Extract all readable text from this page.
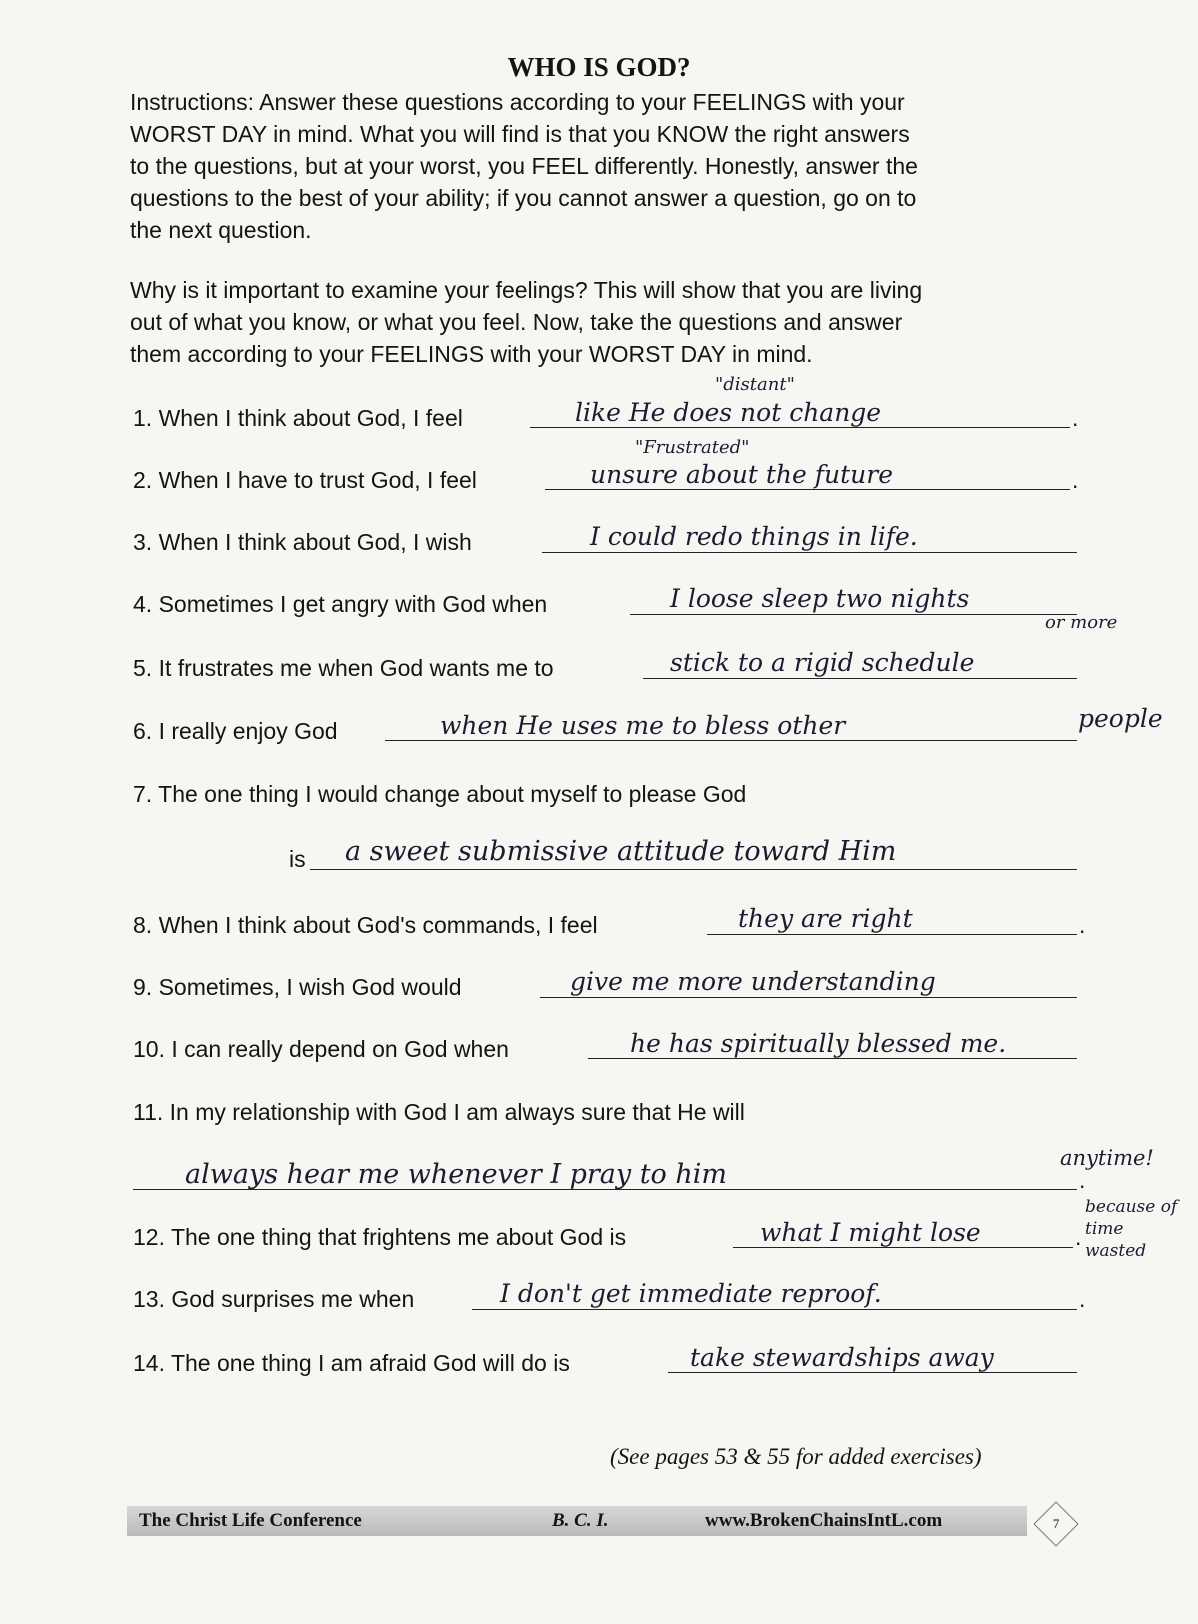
WHO IS GOD?

Instructions: Answer these questions according to your FEELINGS with your
WORST DAY in mind. What you will find is that you KNOW the right answers
to the questions, but at your worst, you FEEL differently. Honestly, answer the
questions to the best of your ability; if you cannot answer a question, go on to
the next question.

Why is it important to examine your feelings? This will show that you are living
out of what you know, or what you feel. Now, take the questions and answer
them according to your FEELINGS with your WORST DAY in mind.

1. When I think about God, I feel	.
like He does not change
"distant"
2. When I have to trust God, I feel	.
unsure about the future
"Frustrated"
3. When I think about God, I wish	I could redo things in life.
4. Sometimes I get angry with God when	I loose sleep two nights
or more
5. It frustrates me when God wants me to	stick to a rigid schedule
6. I really enjoy God	when He uses me to bless other	people
7. The one thing I would change about myself to please God
is a sweet submissive attitude toward Him
8. When I think about God's commands, I feel	.
they are right
9. Sometimes, I wish God would	give me more understanding
10. I can really depend on God when	he has spiritually blessed me.
11. In my relationship with God I am always sure that He will
.
always hear me whenever I pray to him
anytime!
12. The one thing that frightens me about God is	.
what I might lose
because of time wasted
13. God surprises me when	.
I don't get immediate reproof.
14. The one thing I am afraid God will do is	take stewardships away
(See pages 53 & 55 for added exercises)
The Christ Life Conference	B. C. I.	www.BrokenChainsIntL.com	7
